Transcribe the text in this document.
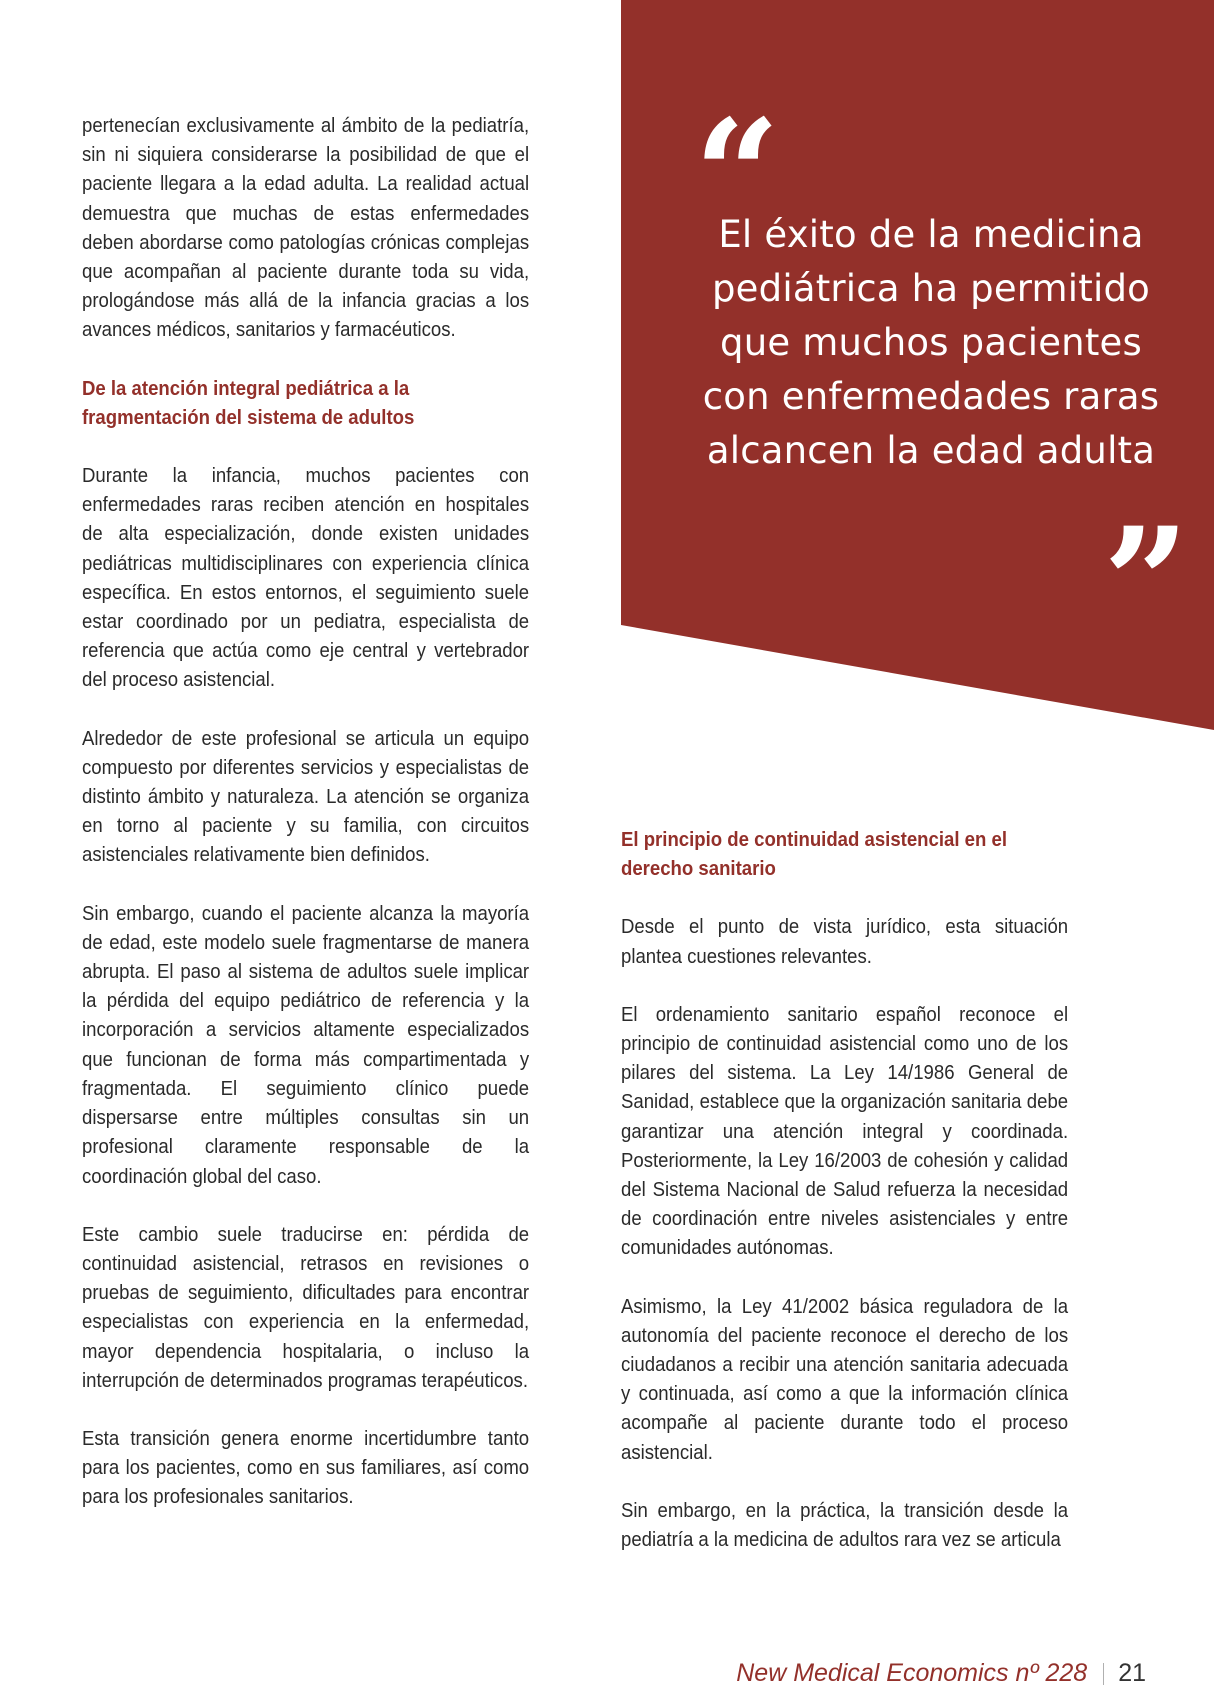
“
El éxito de la medicina pediátrica ha permitido que muchos pacientes con enfermedades raras alcancen la edad adulta
”

pertenecían exclusivamente al ámbito de la pediatría, sin ni siquiera considerarse la posibilidad de que el paciente llegara a la edad adulta. La realidad actual demuestra que muchas de estas enfermedades deben abordarse como patologías crónicas complejas que acompañan al paciente durante toda su vida, prologándose más allá de la infancia gracias a los avances médicos, sanitarios y farmacéuticos.

De la atención integral pediátrica a la fragmentación del sistema de adultos

Durante la infancia, muchos pacientes con enfermedades raras reciben atención en hospitales de alta especialización, donde existen unidades pediátricas multidisciplinares con experiencia clínica específica. En estos entornos, el seguimiento suele estar coordinado por un pediatra, especialista de referencia que actúa como eje central y vertebrador del proceso asistencial.

Alrededor de este profesional se articula un equipo compuesto por diferentes servicios y especialistas de distinto ámbito y naturaleza. La atención se organiza en torno al paciente y su familia, con circuitos asistenciales relativamente bien definidos.

Sin embargo, cuando el paciente alcanza la mayoría de edad, este modelo suele fragmentarse de manera abrupta. El paso al sistema de adultos suele implicar la pérdida del equipo pediátrico de referencia y la incorporación a servicios altamente especializados que funcionan de forma más compartimentada y fragmentada. El seguimiento clínico puede dispersarse entre múltiples consultas sin un profesional claramente responsable de la coordinación global del caso.

Este cambio suele traducirse en: pérdida de continuidad asistencial, retrasos en revisiones o pruebas de seguimiento, dificultades para encontrar especialistas con experiencia en la enfermedad, mayor dependencia hospitalaria, o incluso la interrupción de determinados programas terapéuticos.

Esta transición genera enorme incertidumbre tanto para los pacientes, como en sus familiares, así como para los profesionales sanitarios.

El principio de continuidad asistencial en el derecho sanitario

Desde el punto de vista jurídico, esta situación plantea cuestiones relevantes.

El ordenamiento sanitario español reconoce el principio de continuidad asistencial como uno de los pilares del sistema. La Ley 14/1986 General de Sanidad, establece que la organización sanitaria debe garantizar una atención integral y coordinada. Posteriormente, la Ley 16/2003 de cohesión y calidad del Sistema Nacional de Salud refuerza la necesidad de coordinación entre niveles asistenciales y entre comunidades autónomas.

Asimismo, la Ley 41/2002 básica reguladora de la autonomía del paciente reconoce el derecho de los ciudadanos a recibir una atención sanitaria adecuada y continuada, así como a que la información clínica acompañe al paciente durante todo el proceso asistencial.

Sin embargo, en la práctica, la transición desde la pediatría a la medicina de adultos rara vez se articula

New Medical Economics nº 228 21
